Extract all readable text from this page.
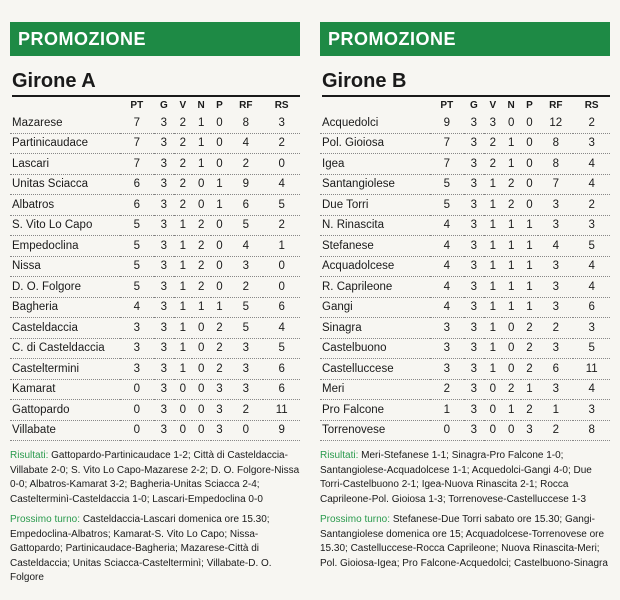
PROMOZIONE
Girone A
	PT	G	V	N	P	RF	RS
Mazarese	7	3	2	1	0	8	3
Partinicaudace	7	3	2	1	0	4	2
Lascari	7	3	2	1	0	2	0
Unitas Sciacca	6	3	2	0	1	9	4
Albatros	6	3	2	0	1	6	5
S. Vito Lo Capo	5	3	1	2	0	5	2
Empedoclina	5	3	1	2	0	4	1
Nissa	5	3	1	2	0	3	0
D. O. Folgore	5	3	1	2	0	2	0
Bagheria	4	3	1	1	1	5	6
Casteldaccia	3	3	1	0	2	5	4
C. di Casteldaccia	3	3	1	0	2	3	5
Casteltermini	3	3	1	0	2	3	6
Kamarat	0	3	0	0	3	3	6
Gattopardo	0	3	0	0	3	2	11
Villabate	0	3	0	0	3	0	9

Risultati: Gattopardo-Partinicaudace 1-2; Città di Casteldaccia-Villabate 2-0; S. Vito Lo Capo-Mazarese 2-2; D. O. Folgore-Nissa 0-0; Albatros-Kamarat 3-2; Bagheria-Unitas Sciacca 2-4; Castelterminì-Casteldaccia 1-0; Lascari-Empedoclina 0-0

Prossimo turno: Casteldaccia-Lascari domenica ore 15.30; Empedoclina-Albatros; Kamarat-S. Vito Lo Capo; Nissa-Gattopardo; Partinicaudace-Bagheria; Mazarese-Città di Casteldaccia; Unitas Sciacca-Castelterminì; Villabate-D. O. Folgore

PROMOZIONE
Girone B
	PT	G	V	N	P	RF	RS
Acquedolci	9	3	3	0	0	12	2
Pol. Gioiosa	7	3	2	1	0	8	3
Igea	7	3	2	1	0	8	4
Santangiolese	5	3	1	2	0	7	4
Due Torri	5	3	1	2	0	3	2
N. Rinascita	4	3	1	1	1	3	3
Stefanese	4	3	1	1	1	4	5
Acquadolcese	4	3	1	1	1	3	4
R. Caprileone	4	3	1	1	1	3	4
Gangi	4	3	1	1	1	3	6
Sinagra	3	3	1	0	2	2	3
Castelbuono	3	3	1	0	2	3	5
Castelluccese	3	3	1	0	2	6	11
Meri	2	3	0	2	1	3	4
Pro Falcone	1	3	0	1	2	1	3
Torrenovese	0	3	0	0	3	2	8

Risultati: Meri-Stefanese 1-1; Sinagra-Pro Falcone 1-0; Santangiolese-Acquadolcese 1-1; Acquedolci-Gangi 4-0; Due Torri-Castelbuono 2-1; Igea-Nuova Rinascita 2-1; Rocca Caprileone-Pol. Gioiosa 1-3; Torrenovese-Castelluccese 1-3

Prossimo turno: Stefanese-Due Torri sabato ore 15.30; Gangi-Santangiolese domenica ore 15; Acquadolcese-Torrenovese ore 15.30; Castelluccese-Rocca Caprileone; Nuova Rinascita-Meri; Pol. Gioiosa-Igea; Pro Falcone-Acquedolci; Castelbuono-Sinagra
